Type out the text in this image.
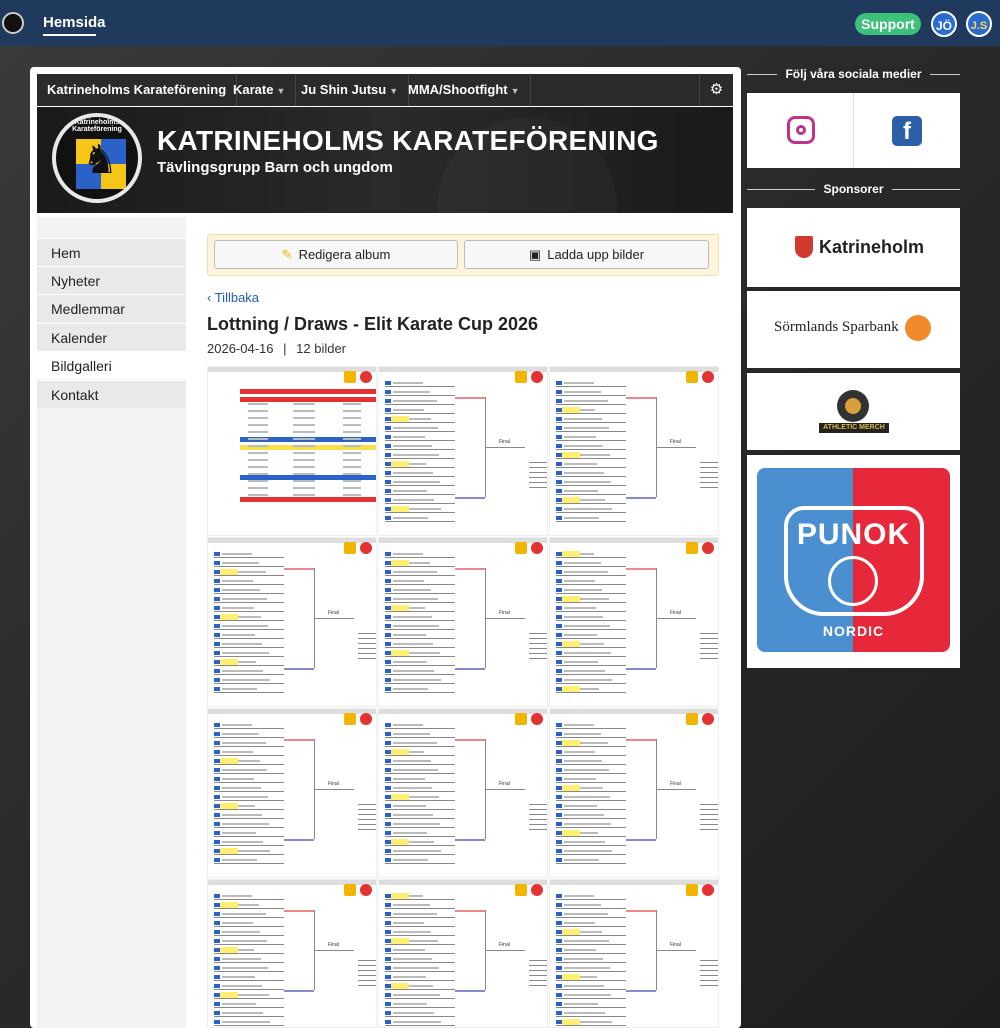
Hemsida	Support	JÖ	J.S
Katrineholms Karateförening Karate ▼	Ju Shin Jutsu ▼ MMA/Shootfight ▼	⚙
♞
Katrineholms Karateförening	KATRINEHOLMS KARATEFÖRENING
Tävlingsgrupp Barn och ungdom
Hem
Nyheter
Medlemmar
Kalender
Bildgalleri
Kontakt
✎ Redigera album	▣ Ladda upp bilder
‹ Tillbaka
Lottning / Draws - Elit Karate Cup 2026
2026-04-16 | 12 bilder
Final	Final
Final	Final	Final
Final	Final	Final
Final	Final	Final
Följ våra sociala medier
f
Sponsorer
Katrineholm
Sörmlands Sparbank
ATHLETIC MERCH
PUNOK
NORDIC
